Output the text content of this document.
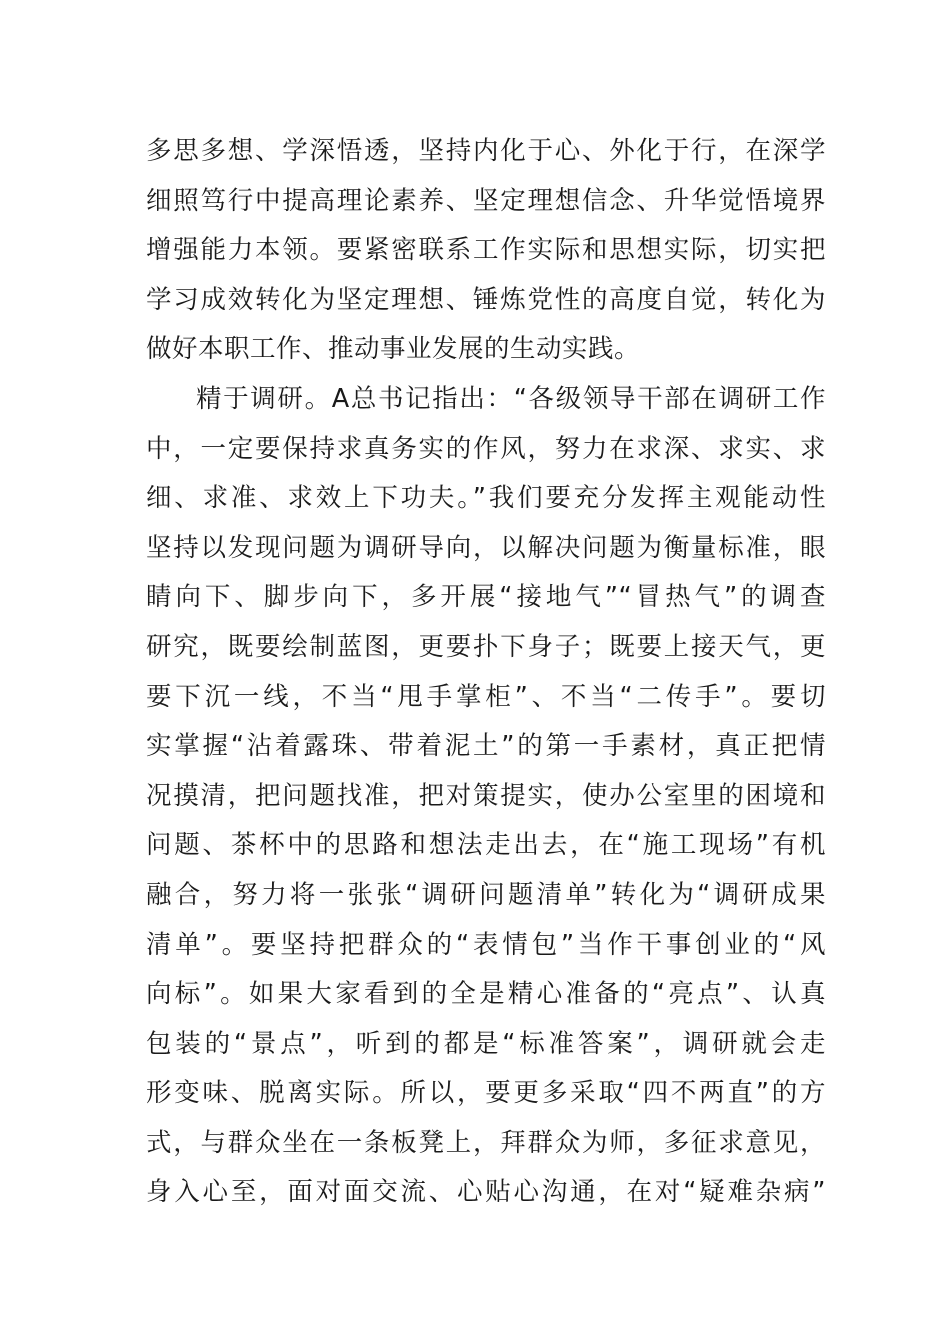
多思多想、学深悟透，坚持内化于心、外化于行，在深学
细照笃行中提高理论素养、坚定理想信念、升华觉悟境界
增强能力本领。要紧密联系工作实际和思想实际，切实把
学习成效转化为坚定理想、锤炼党性的高度自觉，转化为
做好本职工作、推动事业发展的生动实践。
精于调研。A总书记指出：“各级领导干部在调研工作
中，一定要保持求真务实的作风，努力在求深、求实、求
细、求准、求效上下功夫。”我们要充分发挥主观能动性
坚持以发现问题为调研导向，以解决问题为衡量标准，眼
睛向下、脚步向下，多开展“接地气”“冒热气”的调查
研究，既要绘制蓝图，更要扑下身子；既要上接天气，更
要下沉一线，不当“甩手掌柜”、不当“二传手”。要切
实掌握“沾着露珠、带着泥土”的第一手素材，真正把情
况摸清，把问题找准，把对策提实，使办公室里的困境和
问题、茶杯中的思路和想法走出去，在“施工现场”有机
融合，努力将一张张“调研问题清单”转化为“调研成果
清单”。要坚持把群众的“表情包”当作干事创业的“风
向标”。如果大家看到的全是精心准备的“亮点”、认真
包装的“景点”，听到的都是“标准答案”，调研就会走
形变味、脱离实际。所以，要更多采取“四不两直”的方
式，与群众坐在一条板凳上，拜群众为师，多征求意见，
身入心至，面对面交流、心贴心沟通，在对“疑难杂病”
